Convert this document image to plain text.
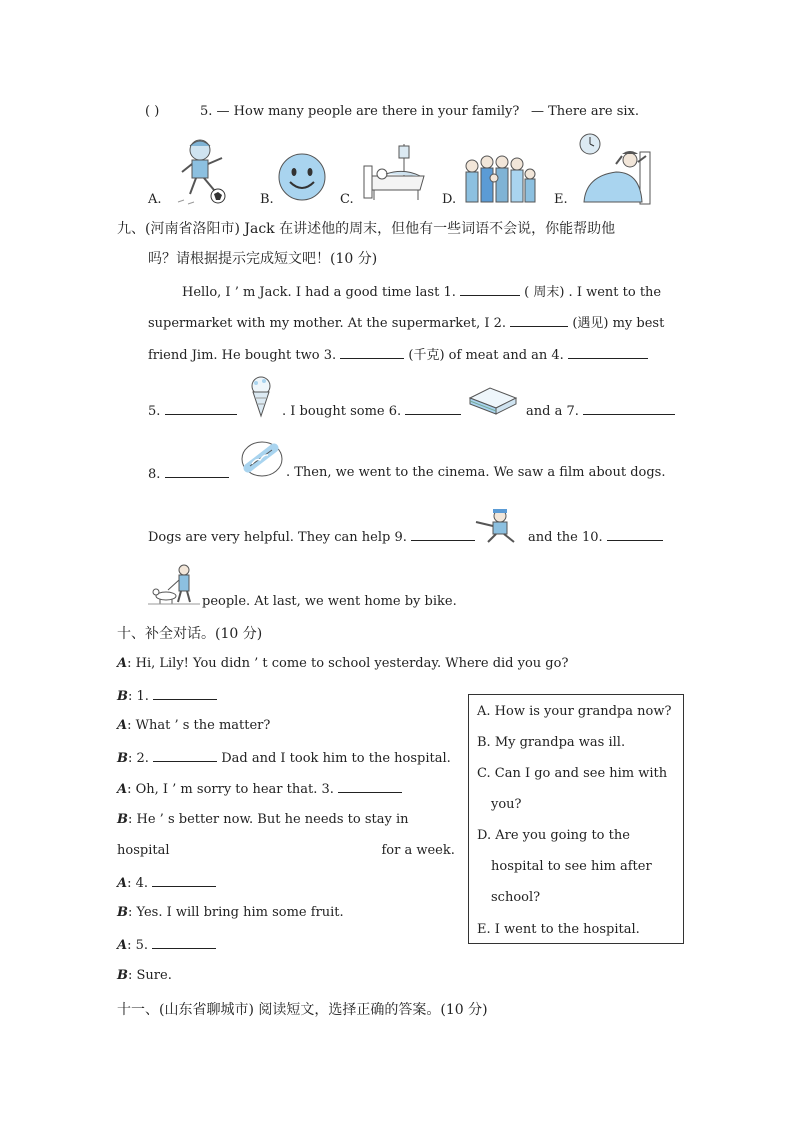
( )	5. — How many people are there in your family? — There are six.
A.	B.	C.	D.	E.
九、(河南省洛阳市) Jack 在讲述他的周末，但他有一些词语不会说，你能帮助他
吗？请根据提示完成短文吧！(10 分)
Hello, I ’ m Jack. I had a good time last 1.	( 周末) . I went to the
supermarket with my mother. At the supermarket, I 2.	(遇见) my best
friend Jim. He bought two 3.	(千克) of meat and an 4.
5.	. I bought some 6.	and a 7.
8.	. Then, we went to the cinema. We saw a film about dogs.
Dogs are very helpful. They can help 9.	and the 10.
people. At last, we went home by bike.
十、补全对话。(10 分)
A: Hi, Lily! You didn ’ t come to school yesterday. Where did you go?
B: 1.
A: What ’ s the matter?
B: 2.	Dad and I took him to the hospital.
A: Oh, I ’ m sorry to hear that. 3.
B: He ’ s better now. But he needs to stay in
hospital	for a week.
A: 4.
B: Yes. I will bring him some fruit.
A: 5.
B: Sure.
A. How is your grandpa now?
B. My grandpa was ill.
C. Can I go and see him with
you?
D. Are you going to the
hospital to see him after
school?
E. I went to the hospital.
十一、(山东省聊城市) 阅读短文，选择正确的答案。(10 分)
